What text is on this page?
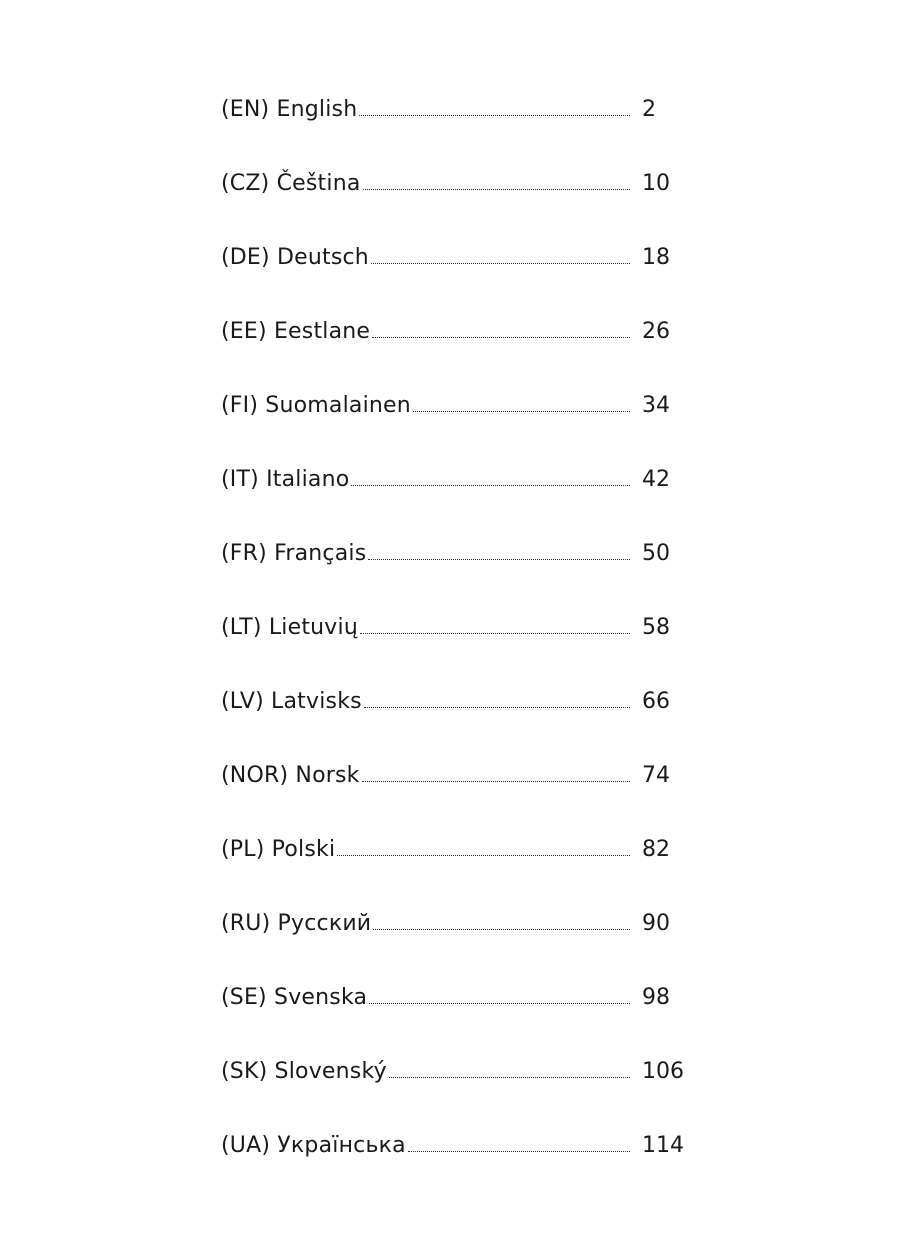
(EN) English	2
(CZ) Čeština	10
(DE) Deutsch	18
(EE) Eestlane	26
(FI) Suomalainen	34
(IT) Italiano	42
(FR) Français	50
(LT) Lietuvių	58
(LV) Latvisks	66
(NOR) Norsk	74
(PL) Polski	82
(RU) Русский	90
(SE) Svenska	98
(SK) Slovenský	106
(UA) Українська	114
